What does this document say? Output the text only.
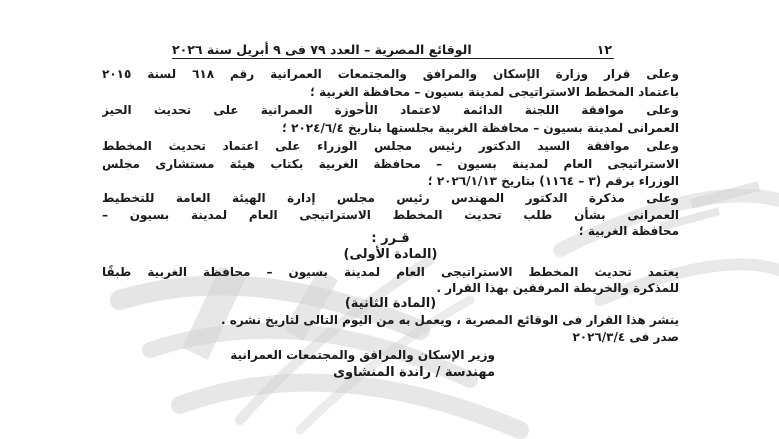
١٢
الوقائع المصرية – العدد ٧٩ فى ٩ أبريل سنة ٢٠٢٦
وعلى قرار وزارة الإسكان والمرافق والمجتمعات العمرانية رقم ٦١٨ لسنة ٢٠١٥
باعتماد المخطط الاستراتيجى لمدينة بسيون – محافظة الغربية ؛
وعلى موافقة اللجنة الدائمة لاعتماد الأحوزة العمرانية على تحديث الحيز
العمرانى لمدينة بسيون – محافظة الغربية بجلستها بتاريخ ٢٠٢٤/٦/٤ ؛
وعلى موافقة السيد الدكتور رئيس مجلس الوزراء على اعتماد تحديث المخطط
الاستراتيجى العام لمدينة بسيون – محافظة الغربية بكتاب هيئة مستشارى مجلس
الوزراء برقم (٣ – ١١٦٤) بتاريخ ٢٠٢٦/١/١٣ ؛
وعلى مذكرة الدكتور المهندس رئيس مجلس إدارة الهيئة العامة للتخطيط
العمرانى بشأن طلب تحديث المخطط الاستراتيجى العام لمدينة بسيون –
محافظة الغربية ؛
قـرر :
(المادة الأولى)
يعتمد تحديث المخطط الاستراتيجى العام لمدينة بسيون – محافظة الغربية طبقًا
للمذكرة والخريطة المرفقين بهذا القرار .
(المادة الثانية)
ينشر هذا القرار فى الوقائع المصرية ، ويعمل به من اليوم التالى لتاريخ نشره .
صدر فى ٢٠٢٦/٣/٤
وزير الإسكان والمرافق والمجتمعات العمرانية
مهندسة / راندة المنشاوى
